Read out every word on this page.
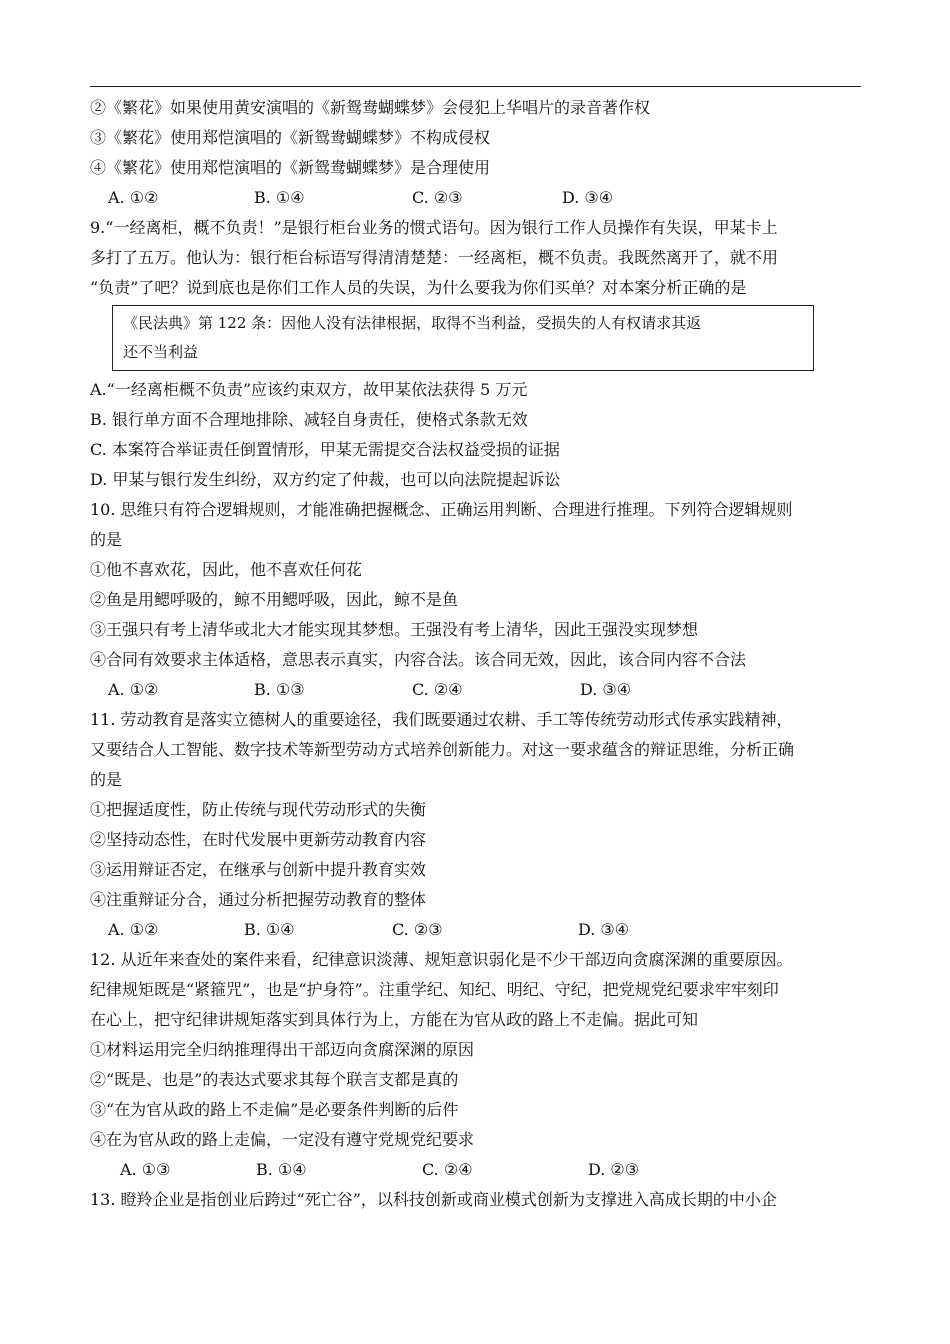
②《繁花》如果使用黄安演唱的《新鸳鸯蝴蝶梦》会侵犯上华唱片的录音著作权
③《繁花》使用郑恺演唱的《新鸳鸯蝴蝶梦》不构成侵权
④《繁花》使用郑恺演唱的《新鸳鸯蝴蝶梦》是合理使用
A. ①②	B. ①④	C. ②③	D. ③④
9.“一经离柜，概不负责！”是银行柜台业务的惯式语句。因为银行工作人员操作有失误，甲某卡上
多打了五万。他认为：银行柜台标语写得清清楚楚：一经离柜，概不负责。我既然离开了，就不用
“负责”了吧？说到底也是你们工作人员的失误，为什么要我为你们买单？对本案分析正确的是
《民法典》第 122 条：因他人没有法律根据，取得不当利益，受损失的人有权请求其返
还不当利益
A.“一经离柜概不负责”应该约束双方，故甲某依法获得 5 万元
B. 银行单方面不合理地排除、减轻自身责任，使格式条款无效
C. 本案符合举证责任倒置情形，甲某无需提交合法权益受损的证据
D. 甲某与银行发生纠纷，双方约定了仲裁，也可以向法院提起诉讼
10. 思维只有符合逻辑规则，才能准确把握概念、正确运用判断、合理进行推理。下列符合逻辑规则
的是
①他不喜欢花，因此，他不喜欢任何花
②鱼是用鳃呼吸的，鲸不用鳃呼吸，因此，鲸不是鱼
③王强只有考上清华或北大才能实现其梦想。王强没有考上清华，因此王强没实现梦想
④合同有效要求主体适格，意思表示真实，内容合法。该合同无效，因此，该合同内容不合法
A. ①②	B. ①③	C. ②④	D. ③④
11. 劳动教育是落实立德树人的重要途径，我们既要通过农耕、手工等传统劳动形式传承实践精神，
又要结合人工智能、数字技术等新型劳动方式培养创新能力。对这一要求蕴含的辩证思维，分析正确
的是
①把握适度性，防止传统与现代劳动形式的失衡
②坚持动态性，在时代发展中更新劳动教育内容
③运用辩证否定，在继承与创新中提升教育实效
④注重辩证分合，通过分析把握劳动教育的整体
A. ①②	B. ①④	C. ②③	D. ③④
12. 从近年来查处的案件来看，纪律意识淡薄、规矩意识弱化是不少干部迈向贪腐深渊的重要原因。
纪律规矩既是“紧箍咒”，也是“护身符”。注重学纪、知纪、明纪、守纪，把党规党纪要求牢牢刻印
在心上，把守纪律讲规矩落实到具体行为上，方能在为官从政的路上不走偏。据此可知
①材料运用完全归纳推理得出干部迈向贪腐深渊的原因
②“既是、也是”的表达式要求其每个联言支都是真的
③“在为官从政的路上不走偏”是必要条件判断的后件
④在为官从政的路上走偏，一定没有遵守党规党纪要求
A. ①③	B. ①④	C. ②④	D. ②③
13. 瞪羚企业是指创业后跨过“死亡谷”，以科技创新或商业模式创新为支撑进入高成长期的中小企
